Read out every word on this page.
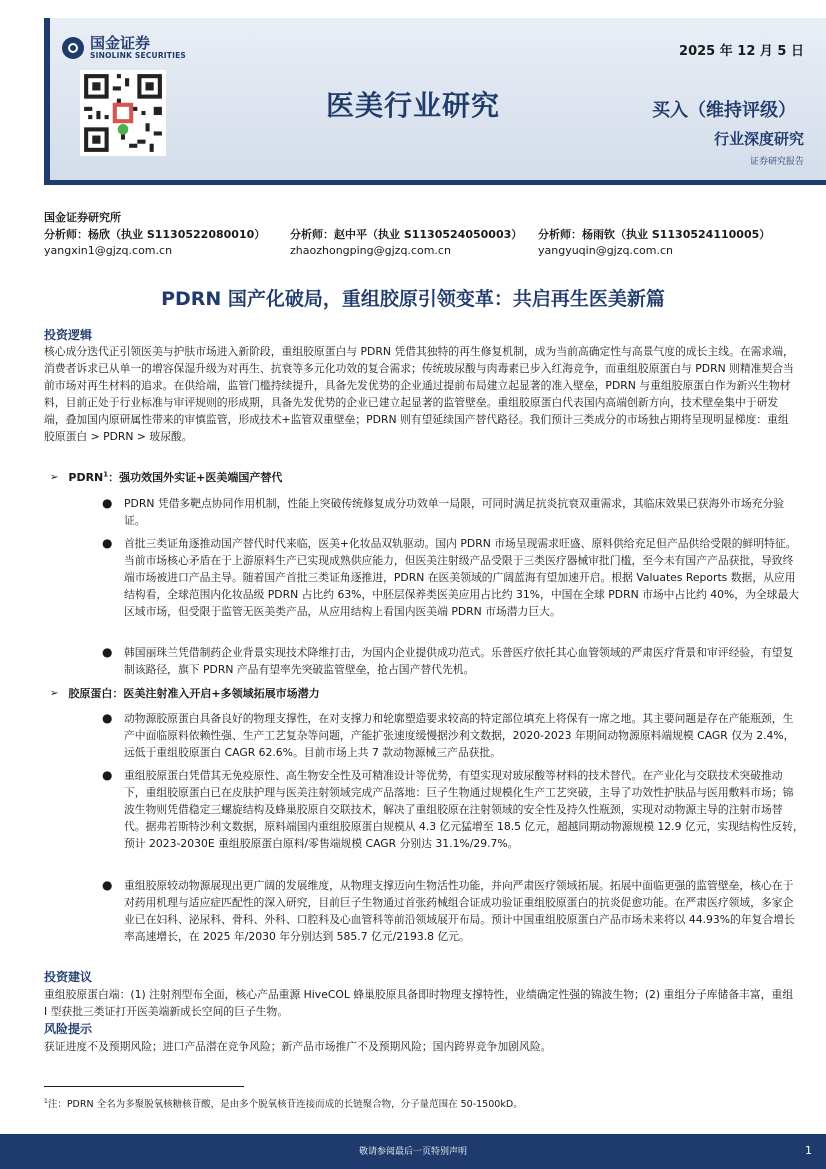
国金证券
SINOLINK SECURITIES	2025 年 12 月 5 日
医美行业研究	买入（维持评级）
行业深度研究
证券研究报告
国金证券研究所
分析师：杨欣（执业 S1130522080010） 分析师：赵中平（执业 S1130524050003） 分析师：杨雨钦（执业 S1130524110005）
yangxin1@gjzq.com.cn	zhaozhongping@gjzq.com.cn	yangyuqin@gjzq.com.cn
PDRN 国产化破局，重组胶原引领变革：共启再生医美新篇
投资逻辑

核心成分迭代正引领医美与护肤市场进入新阶段，重组胶原蛋白与 PDRN 凭借其独特的再生修复机制，成为当前高确定性与高景气度的成长主线。在需求端，消费者诉求已从单一的增容保湿升级为对再生、抗衰等多元化功效的复合需求；传统玻尿酸与肉毒素已步入红海竞争，而重组胶原蛋白与 PDRN 则精准契合当前市场对再生材料的追求。在供给端，监管门槛持续提升，具备先发优势的企业通过提前布局建立起显著的准入壁垒，PDRN 与重组胶原蛋白作为新兴生物材料，目前正处于行业标准与审评规则的形成期，具备先发优势的企业已建立起显著的监管壁垒。重组胶原蛋白代表国内高端创新方向，技术壁垒集中于研发端，叠加国内原研属性带来的审慎监管，形成技术+监管双重壁垒；PDRN 则有望延续国产替代路径。我们预计三类成分的市场独占期将呈现明显梯度：重组胶原蛋白 > PDRN > 玻尿酸。

➢ PDRN$^1$：强功效国外实证+医美端国产替代
● PDRN 凭借多靶点协同作用机制，性能上突破传统修复成分功效单一局限，可同时满足抗炎抗衰双重需求，其临床效果已获海外市场充分验证。

● 首批三类证角逐推动国产替代时代来临，医美+化妆品双轨驱动。国内 PDRN 市场呈现需求旺盛、原料供给充足但产品供给受限的鲜明特征。当前市场核心矛盾在于上游原料生产已实现成熟供应能力，但医美注射级产品受限于三类医疗器械审批门槛，至今未有国产产品获批，导致终端市场被进口产品主导。随着国产首批三类证角逐推进，PDRN 在医美领域的广阔蓝海有望加速开启。根据 Valuates Reports 数据，从应用结构看，全球范围内化妆品级 PDRN 占比约 63%，中胚层保养类医美应用占比约 31%，中国在全球 PDRN 市场中占比约 40%，为全球最大区域市场，但受限于监管无医美类产品，从应用结构上看国内医美端 PDRN 市场潜力巨大。

● 韩国丽珠兰凭借制药企业背景实现技术降维打击，为国内企业提供成功范式。乐普医疗依托其心血管领域的严肃医疗背景和审评经验，有望复制该路径，旗下 PDRN 产品有望率先突破监管壁垒，抢占国产替代先机。

➢ 胶原蛋白：医美注射准入开启+多领域拓展市场潜力
● 动物源胶原蛋白具备良好的物理支撑性，在对支撑力和轮廓塑造要求较高的特定部位填充上将保有一席之地。其主要问题是存在产能瓶颈，生产中面临原料依赖性强、生产工艺复杂等问题，产能扩张速度缓慢据沙利文数据，2020-2023 年期间动物源原料端规模 CAGR 仅为 2.4%，远低于重组胶原蛋白 CAGR 62.6%。目前市场上共 7 款动物源械三产品获批。

● 重组胶原蛋白凭借其无免疫原性、高生物安全性及可精准设计等优势，有望实现对玻尿酸等材料的技术替代。在产业化与交联技术突破推动下，重组胶原蛋白已在皮肤护理与医美注射领域完成产品落地：巨子生物通过规模化生产工艺突破，主导了功效性护肤品与医用敷料市场；锦波生物则凭借稳定三螺旋结构及蜂巢胶原自交联技术，解决了重组胶原在注射领域的安全性及持久性瓶颈，实现对动物源主导的注射市场替代。据弗若斯特沙利文数据，原料端国内重组胶原蛋白规模从 4.3 亿元猛增至 18.5 亿元，超越同期动物源规模 12.9 亿元，实现结构性反转，预计 2023-2030E 重组胶原蛋白原料/零售端规模 CAGR 分别达 31.1%/29.7%。

● 重组胶原较动物源展现出更广阔的发展维度，从物理支撑迈向生物活性功能，并向严肃医疗领域拓展。拓展中面临更强的监管壁垒，核心在于对药用机理与适应症匹配性的深入研究，目前巨子生物通过首张药械组合证成功验证重组胶原蛋白的抗炎促愈功能。在严肃医疗领域，多家企业已在妇科、泌尿科、骨科、外科、口腔科及心血管科等前沿领域展开布局。预计中国重组胶原蛋白产品市场未来将以 44.93%的年复合增长率高速增长，在 2025 年/2030 年分别达到 585.7 亿元/2193.8 亿元。

投资建议

重组胶原蛋白端：(1) 注射剂型布全面，核心产品重源 HiveCOL 蜂巢胶原具备即时物理支撑特性，业绩确定性强的锦波生物；(2) 重组分子库储备丰富，重组 I 型获批三类证打开医美端新成长空间的巨子生物。

风险提示

获证进度不及预期风险；进口产品潜在竞争风险；新产品市场推广不及预期风险；国内跨界竞争加剧风险。

$^1$注：PDRN 全名为多聚脱氧核糖核苷酸，是由多个脱氧核苷连接而成的长链聚合物，分子量范围在 50-1500kD。
敬请参阅最后一页特别声明	1
